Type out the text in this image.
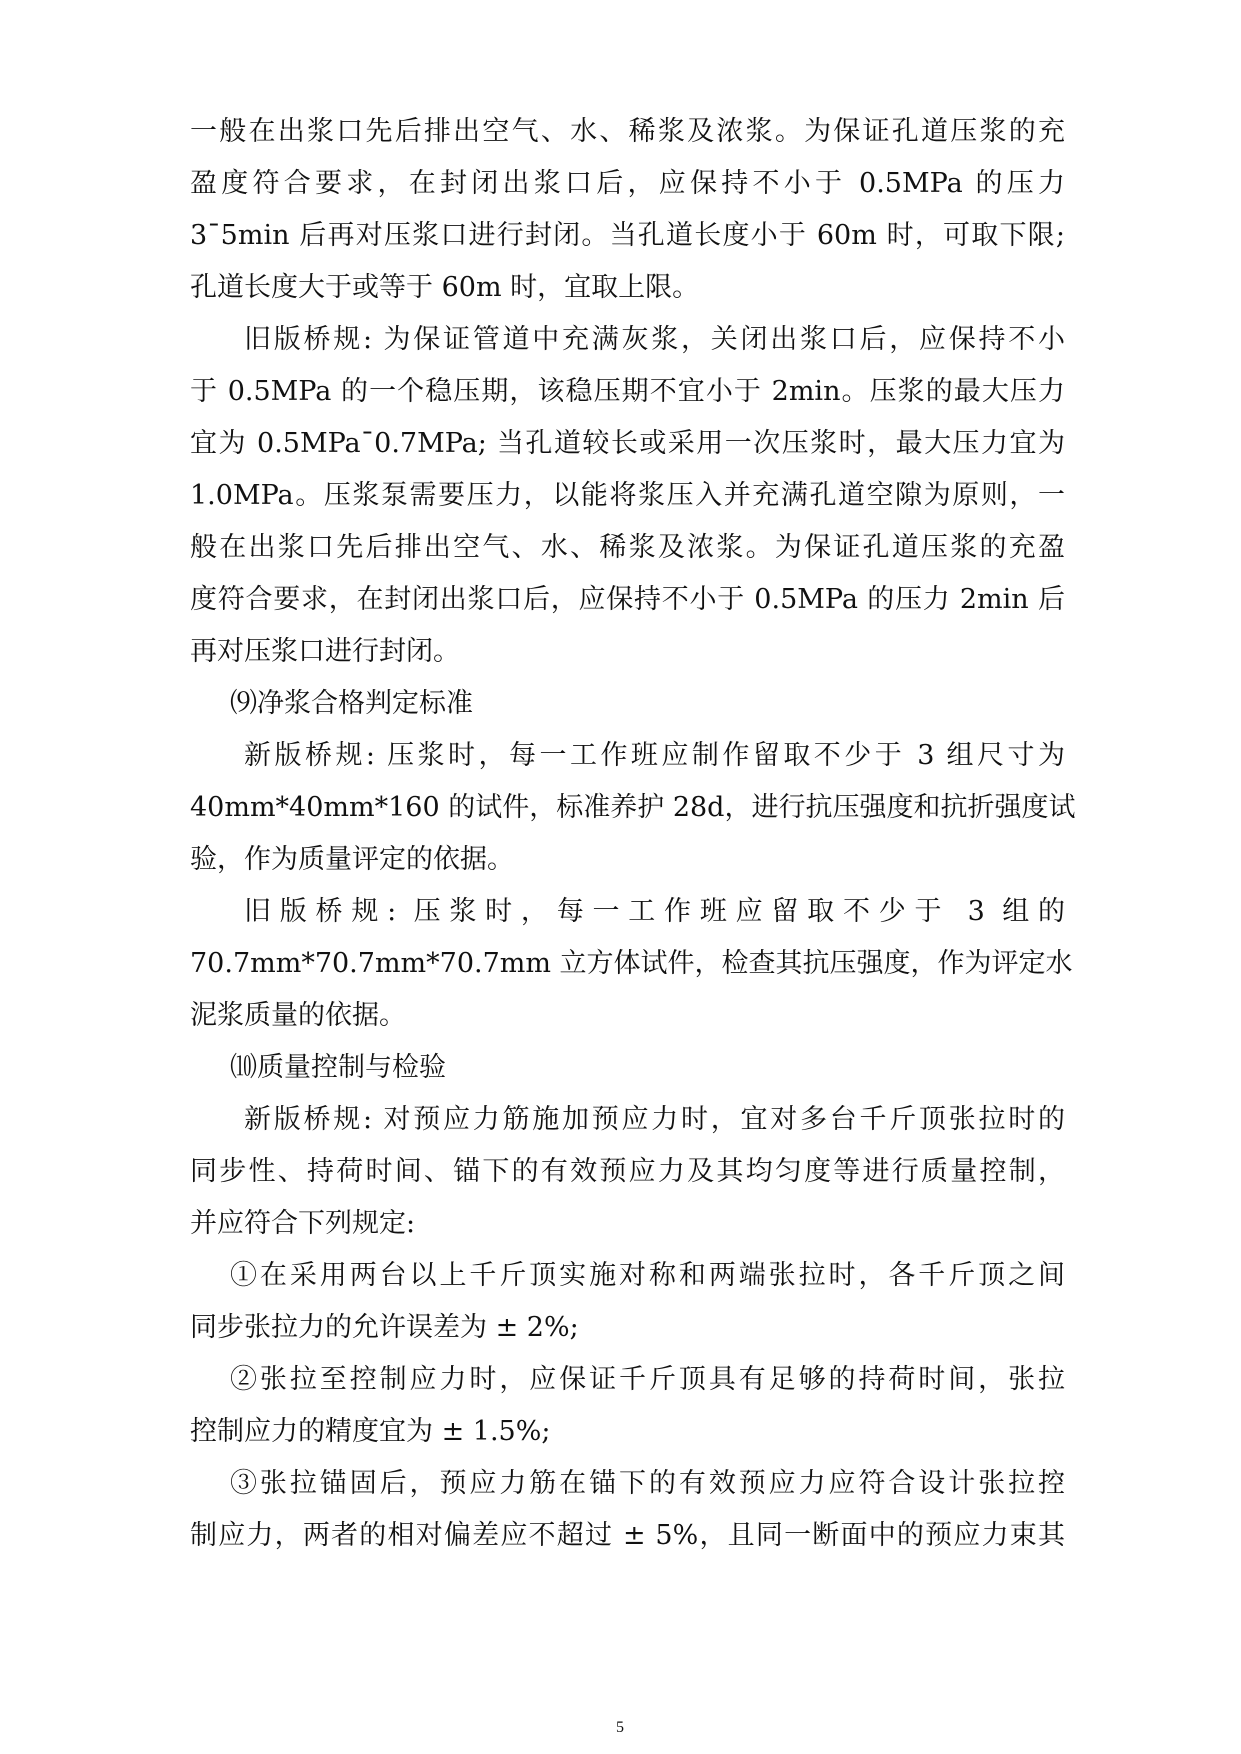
一般在出浆口先后排出空气、水、稀浆及浓浆。为保证孔道压浆的充
盈度符合要求，在封闭出浆口后，应保持不小于 0.5MPa 的压力
3¯5min 后再对压浆口进行封闭。当孔道长度小于 60m 时，可取下限;
孔道长度大于或等于 60m 时，宜取上限。
旧版桥规: 为保证管道中充满灰浆，关闭出浆口后，应保持不小
于 0.5MPa 的一个稳压期，该稳压期不宜小于 2min。压浆的最大压力
宜为 0.5MPa¯0.7MPa; 当孔道较长或采用一次压浆时，最大压力宜为
1.0MPa。压浆泵需要压力，以能将浆压入并充满孔道空隙为原则，一
般在出浆口先后排出空气、水、稀浆及浓浆。为保证孔道压浆的充盈
度符合要求，在封闭出浆口后，应保持不小于 0.5MPa 的压力 2min 后
再对压浆口进行封闭。
⑼净浆合格判定标准
新版桥规: 压浆时，每一工作班应制作留取不少于 3 组尺寸为
40mm*40mm*160 的试件，标准养护 28d，进行抗压强度和抗折强度试
验，作为质量评定的依据。
旧版桥规: 压浆时，每一工作班应留取不少于 3 组的
70.7mm*70.7mm*70.7mm 立方体试件，检查其抗压强度，作为评定水
泥浆质量的依据。
⑽质量控制与检验
新版桥规: 对预应力筋施加预应力时，宜对多台千斤顶张拉时的
同步性、持荷时间、锚下的有效预应力及其均匀度等进行质量控制，
并应符合下列规定:
①在采用两台以上千斤顶实施对称和两端张拉时，各千斤顶之间
同步张拉力的允许误差为 ± 2%;
②张拉至控制应力时，应保证千斤顶具有足够的持荷时间，张拉
控制应力的精度宜为 ± 1.5%;
③张拉锚固后，预应力筋在锚下的有效预应力应符合设计张拉控
制应力，两者的相对偏差应不超过 ± 5%，且同一断面中的预应力束其
5
